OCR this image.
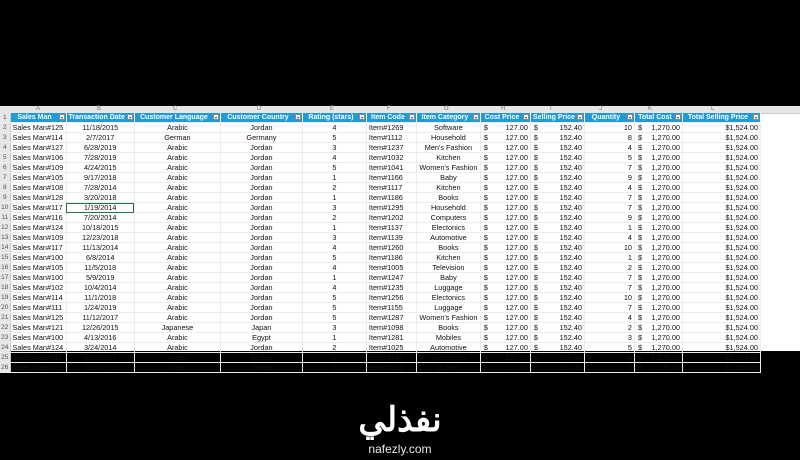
A	B	C	D	E	F	G	H	I	J	K	L
1	Sales Man	Transaction Date	Customer Language	Customer Country	Rating (stars)	Item Code	Item Category	Cost Price	Selling Price	Quantity	Total Cost	Total Selling Price

2	Sales Man#125	11/18/2015	Arabic	Jordan	4	Item#1269	Software	$ 127.00	$ 152.40	10	$ 1,270.00	$1,524.00
3	Sales Man#114	2/7/2017	German	Germany	5	Item#1112	Household	$ 127.00	$ 152.40	8	$ 1,270.00	$1,524.00
4	Sales Man#127	6/28/2019	Arabic	Jordan	3	Item#1237	Men's Fashion	$ 127.00	$ 152.40	4	$ 1,270.00	$1,524.00
5	Sales Man#106	7/28/2019	Arabic	Jordan	4	Item#1032	Kitchen	$ 127.00	$ 152.40	5	$ 1,270.00	$1,524.00
6	Sales Man#109	4/24/2015	Arabic	Jordan	5	Item#1041	Women's Fashion	$ 127.00	$ 152.40	7	$ 1,270.00	$1,524.00
7	Sales Man#105	9/17/2018	Arabic	Jordan	1	Item#1166	Baby	$ 127.00	$ 152.40	9	$ 1,270.00	$1,524.00
8	Sales Man#108	7/28/2014	Arabic	Jordan	2	Item#1117	Kitchen	$ 127.00	$ 152.40	4	$ 1,270.00	$1,524.00
9	Sales Man#128	3/20/2018	Arabic	Jordan	1	Item#1186	Books	$ 127.00	$ 152.40	7	$ 1,270.00	$1,524.00
10	Sales Man#117	1/19/2014	Arabic	Jordan	3	Item#1295	Household	$ 127.00	$ 152.40	7	$ 1,270.00	$1,524.00
11	Sales Man#116	7/20/2014	Arabic	Jordan	2	Item#1202	Computers	$ 127.00	$ 152.40	9	$ 1,270.00	$1,524.00
12	Sales Man#124	10/18/2015	Arabic	Jordan	1	Item#1137	Electonics	$ 127.00	$ 152.40	1	$ 1,270.00	$1,524.00
13	Sales Man#109	12/23/2018	Arabic	Jordan	3	Item#1139	Automotive	$ 127.00	$ 152.40	4	$ 1,270.00	$1,524.00
14	Sales Man#117	11/13/2014	Arabic	Jordan	4	Item#1260	Books	$ 127.00	$ 152.40	10	$ 1,270.00	$1,524.00
15	Sales Man#100	6/8/2014	Arabic	Jordan	5	Item#1186	Kitchen	$ 127.00	$ 152.40	1	$ 1,270.00	$1,524.00
16	Sales Man#105	11/5/2018	Arabic	Jordan	4	Item#1005	Television	$ 127.00	$ 152.40	2	$ 1,270.00	$1,524.00
17	Sales Man#100	5/9/2019	Arabic	Jordan	1	Item#1247	Baby	$ 127.00	$ 152.40	7	$ 1,270.00	$1,524.00
18	Sales Man#102	10/4/2014	Arabic	Jordan	4	Item#1235	Luggage	$ 127.00	$ 152.40	7	$ 1,270.00	$1,524.00
19	Sales Man#114	11/1/2018	Arabic	Jordan	5	Item#1256	Electonics	$ 127.00	$ 152.40	10	$ 1,270.00	$1,524.00
20	Sales Man#111	1/24/2019	Arabic	Jordan	5	Item#1155	Luggage	$ 127.00	$ 152.40	7	$ 1,270.00	$1,524.00
21	Sales Man#125	11/12/2017	Arabic	Jordan	5	Item#1287	Women's Fashion	$ 127.00	$ 152.40	4	$ 1,270.00	$1,524.00
22	Sales Man#121	12/26/2015	Japanese	Japan	3	Item#1098	Books	$ 127.00	$ 152.40	2	$ 1,270.00	$1,524.00
23	Sales Man#100	4/13/2016	Arabic	Egypt	1	Item#1281	Mobiles	$ 127.00	$ 152.40	3	$ 1,270.00	$1,524.00
24	Sales Man#124	3/24/2014	Arabic	Jordan	2	Item#1025	Automotive	$ 127.00	$ 152.40	5	$ 1,270.00	$1,524.00
25	Sales Man#111	2/18/2017	Arabic	Jordan	1	Item#1147	Household	$ 127.00	$ 152.40	4	$ 1,270.00	$1,524.00
26	Sales Man#109	11/23/2016	Arabic	Jordan	2	Item#1211	Mobiles	$ 127.00	$ 152.40	8	$ 1,270.00	$1,524.00
نفذلي
nafezly.com
